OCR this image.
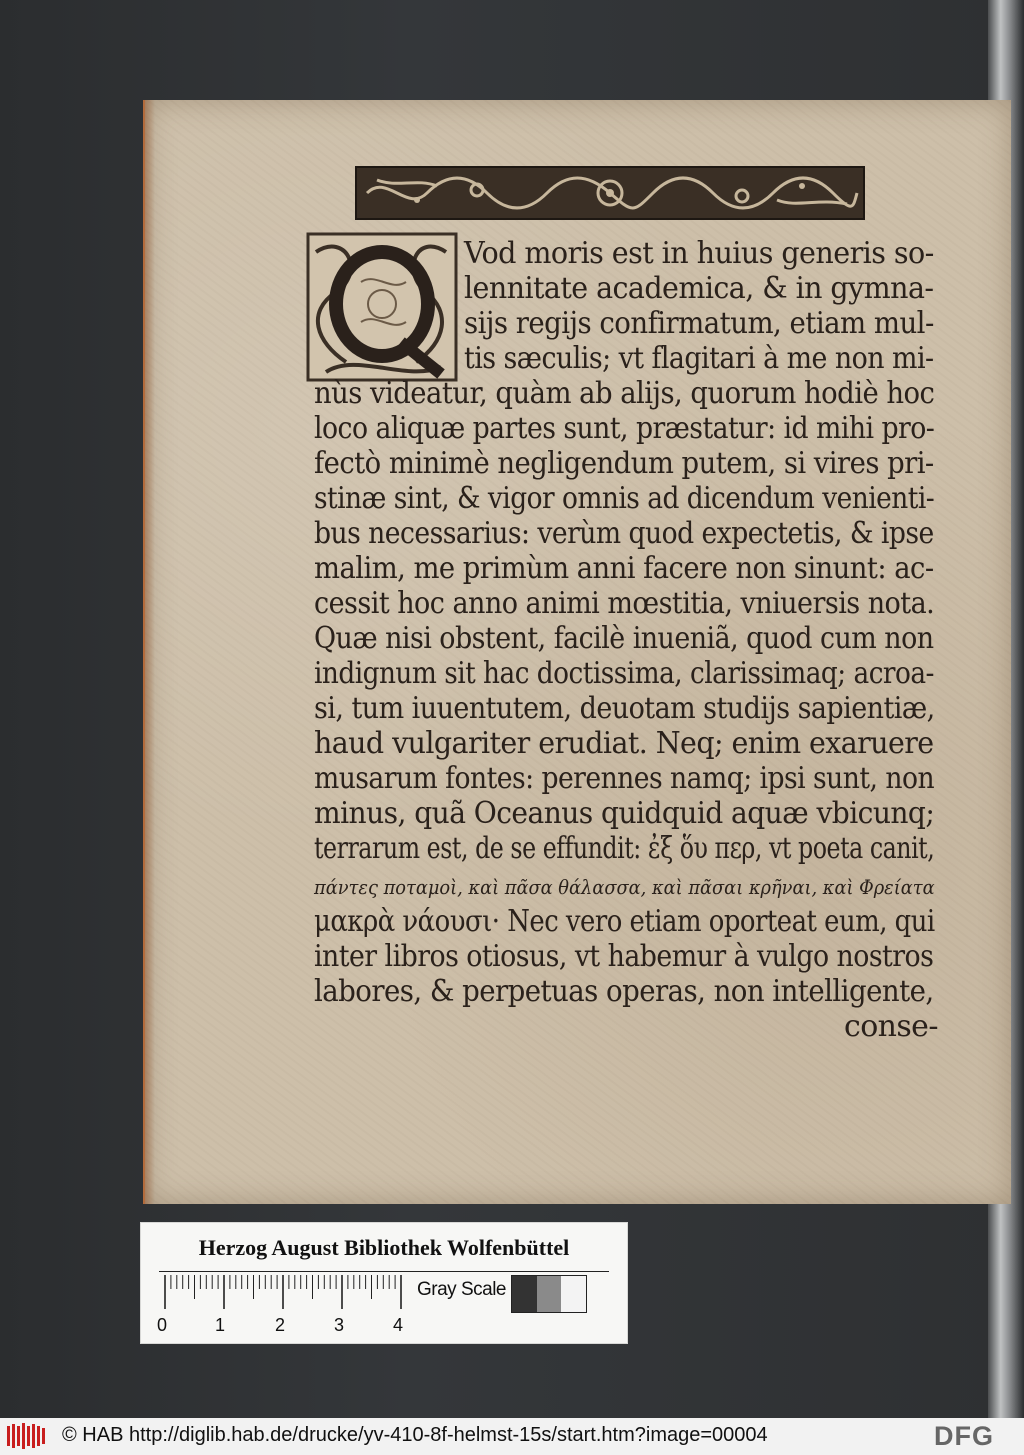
Vod moris est in huius generis so-
lennitate academica, & in gymna-
sijs regijs confirmatum, etiam mul-
tis sæculis; vt flagitari à me non mi-
nùs videatur, quàm ab alijs, quorum hodiè hoc
loco aliquæ partes sunt, præstatur: id mihi pro-
fectò minimè negligendum putem, si vires pri-
stinæ sint, & vigor omnis ad dicendum venienti-
bus necessarius: verùm quod expectetis, & ipse
malim, me primùm anni facere non sinunt: ac-
cessit hoc anno animi mœstitia, vniuersis nota.
Quæ nisi obstent, facilè inueniã, quod cum non
indignum sit hac doctissima, clarissimaq; acroa-
si, tum iuuentutem, deuotam studijs sapientiæ,
haud vulgariter erudiat. Neq; enim exaruere
musarum fontes: perennes namq; ipsi sunt, non
minus, quã Oceanus quidquid aquæ vbicunq;
terrarum est, de se effundit: ἐξ ὅυ περ, vt poeta canit,
πάντες ποταμοὶ, καὶ πᾶσα θάλασσα, καὶ πᾶσαι κρῆναι, καὶ Φρείατα
μακρὰ νάουσι· Nec vero etiam oporteat eum, qui
inter libros otiosus, vt habemur à vulgo nostros
labores, & perpetuas operas, non intelligente,
conse-
Herzog August Bibliothek Wolfenbüttel
0	1	2	3	4
Gray Scale
© HAB http://diglib.hab.de/drucke/yv-410-8f-helmst-15s/start.htm?image=00004	DFG
